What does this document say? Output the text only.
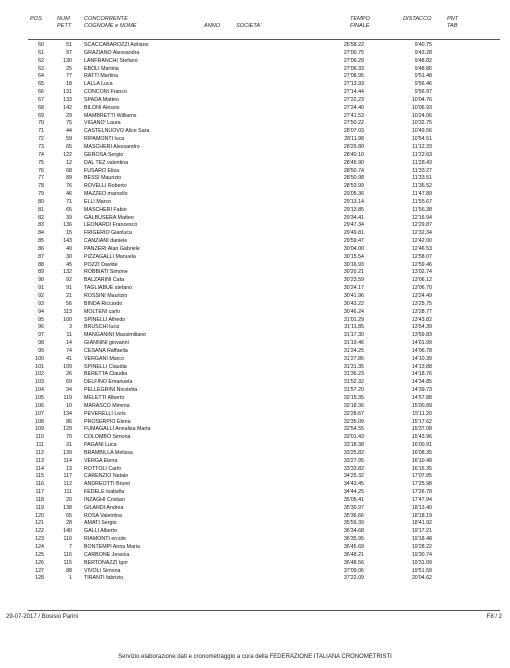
POS	NUM
PETT
CONCORRENTE
COGNOME e NOME	ANNO	SOCIETA'
TEMPO
FINALE
DISTACCO	PNT
TAB
60	51 SCACCABAROZZI Adriano	26'58.22	9'40.75
61	97 GRAZIANO Alessandra	27'00.75	9'43.28
62	130 LANFRANCHI Stefano	27'06.29	9'48.82
63	25 EBOLI Martina	27'06.33	9'48.86
64	77 RATTI Martina	27'08.95	9'51.48
65	18 LALLA Luca	27'13.93	9'56.46
66	131 CONCONI Franco	27'14.44	9'56.97
67	133 SPADA Matteo	27'22.23	10'04.76
68	142 BILONI Alessio	27'24.40	10'06.93
69	29 MAMBRETTI Williams	27'41.53	10'24.06
70	75 VIGANO' Laura	27'50.22	10'32.75
71	44 CASTELNUOVO Alice Sara	28'07.03	10'49.56
72	59 RIPAMONTI luca	28'11.98	10'54.51
73	65 MASCHERI Alessandro	28'29.80	11'12.33
74	122 GEROSA Sergio	28'40.10	11'22.63
75	12 DAL TEZ valentina	28'45.90	11'28.43
76	68 FUSARO Elisa	28'50.74	11'33.27
77	89 BESSI Maurizio	28'50.98	11'33.51
78	76 ROVELLI Roberto	28'53.99	11'36.52
79	46 MAZZEO marcello	29'05.36	11'47.89
80	71 ELLI Marco	29'13.14	11'55.67
81	65 MASCHERI Fabio	29'13.85	11'56.38
82	39 GALBUSERA Matteo	29'34.41	12'16.94
83	136 LEONARDI Francesco	29'47.34	12'29.87
84	15 FRIGERIO Gianluca	29'49.81	12'32.34
85	143 CANZIANI daniele	29'59.47	12'42.00
86	40 PANZERI Alan Gabriele	30'04.00	12'46.53
87	30 PIZZAGALLI Manuela	30'15.54	12'58.07
88	45 POZZI Davide	30'16.93	12'59.46
89	132 ROBBIATI Simone	30'20.21	13'02.74
90	92 BALZARINI Cata	30'23.59	13'06.12
91	91 TAGLIABUE stefano	30'24.17	13'06.70
92	21 ROSSINI Maurizio	30'41.96	13'24.49
93	56 BINDA Riccardo	30'43.22	13'25.75
94	113 MOLTENI carlo	30'46.24	13'28.77
95	100 SPINELLI Alfredo	31'01.29	13'43.82
96	3 BRUSCHI luca	31'11.85	13'54.39
97	11 MANGANINI Massimiliano	31'17.30	13'59.83
98	14 GIANNINI giovanni	31'19.46	14'01.99
99	74 CESANA Raffaella	31'24.25	14'06.78
100	41 VERGANI Marco	31'27.86	14'10.39
101	109 SPINELLI Claudia	31'31.35	14'13.88
102	26 BERETTA Claudia	31'36.23	14'18.76
103	69 DELFINO Emanuela	31'52.32	14'34.85
104	34 PELLEGRINI Nicoletta	31'57.20	14'39.73
105	119 MELETTI Alberto	32'15.35	14'57.88
106	10 MARASCO Mimma	32'18.36	15'00.89
107	134 PEVERELLI Loris	32'28.67	15'11.20
108	86 PROSERPIO Elena	32'35.09	15'17.62
109	129 FUMAGALLI Annalisa Marta	32'54.55	15'37.08
110	70 COLOMBO Simona	33'01.43	15'43.96
111	31 PAGANI Luca	33'18.38	16'00.91
112	139 BRAMBILLA Melissa	33'25.82	16'08.35
113	114 VERGA Elena	33'27.95	16'10.48
114	13 ROTTOLI Carlo	33'33.82	16'16.35
115	117 CARENZIO Natale	34'25.32	17'07.85
116	112 ANDREOTTI Bruno	34'43.45	17'25.98
117	111 FEDELE Isabella	34'44.25	17'26.78
118	20 INZAGHI Cristian	35'05.41	17'47.94
119	138 GILARDI Andrea	35'30.97	18'13.40
120	65 ROSA Valentina	35'36.66	18'18.19
121	28 AMATI Sergio	35'59.39	18'41.92
122	140 GALLI Alberto	36'34.68	19'17.21
123	110 RIAMONTI ercole	36'35.95	19'18.48
124	7 BONTEMPI Anna Maria	36'45.69	19'28.22
125	116 CARBONE Jessica	36'48.21	19'30.74
126	115 BERTONAZZI Igor	36'48.56	19'31.09
127	88 VIVOLI Simona	37'09.06	19'51.59
128	1 TIRANTI fabrizio	37'22.09	20'04.62
29-07-2017 / Bosisio Parini	F8 / 2
Servizio elaborazione dati e cronometraggio a cura della FEDERAZIONE ITALIANA CRONOMETRISTI
